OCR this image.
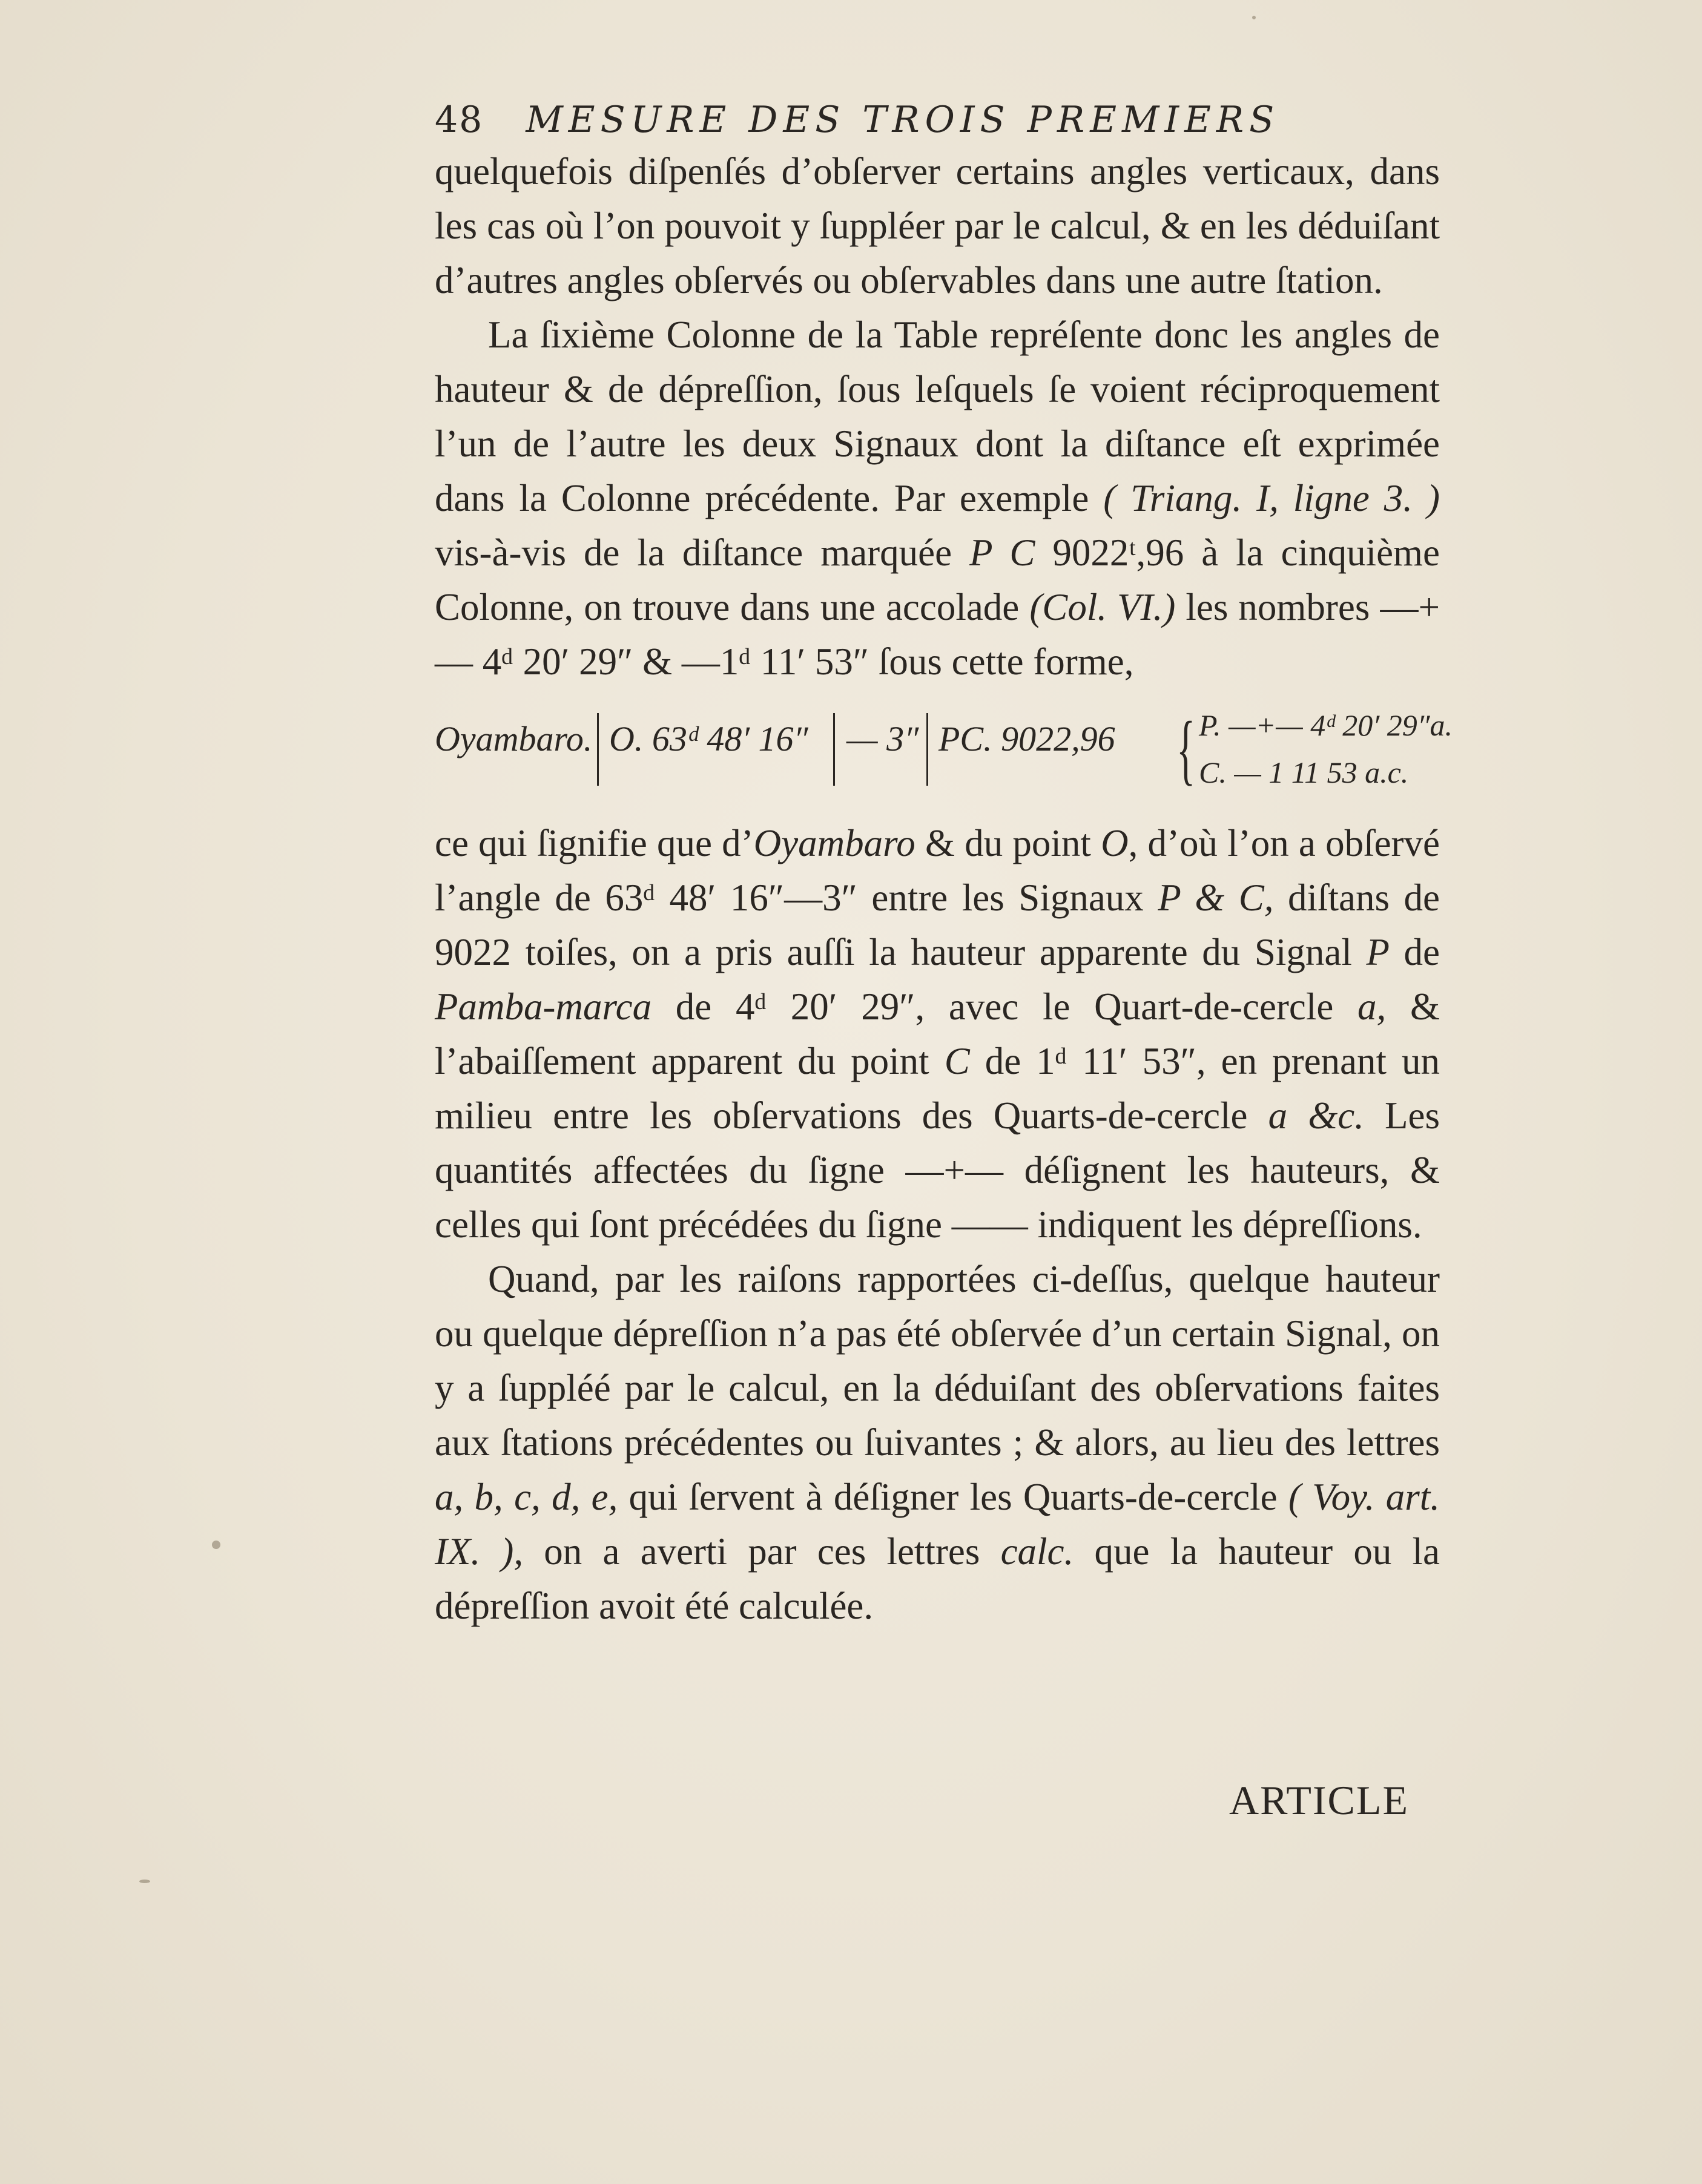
48 MESURE DES TROIS PREMIERS

quelquefois diſpenſés d’obſerver certains angles verticaux, dans les cas où l’on pouvoit y ſuppléer par le calcul, & en les déduiſant d’autres angles obſervés ou obſervables dans une autre ſtation.

La ſixième Colonne de la Table repréſente donc les angles de hauteur & de dépreſſion, ſous leſquels ſe voient réciproquement l’un de l’autre les deux Signaux dont la diſtance eſt exprimée dans la Colonne précédente. Par exemple ( Triang. I, ligne 3. ) vis-à-vis de la diſtance marquée P C 9022ᵗ,96 à la cinquième Colonne, on trouve dans une accolade (Col. VI.) les nombres —+— 4ᵈ 20′ 29″ & —1ᵈ 11′ 53″ ſous cette forme,

Oyambaro. O. 63ᵈ 48′ 16″ — 3″ PC. 9022,96 { P. —+— 4ᵈ 20′ 29″a.
C. — 1 11 53 a.c.

ce qui ſignifie que d’Oyambaro & du point O, d’où l’on a obſervé l’angle de 63ᵈ 48′ 16″—3″ entre les Signaux P & C, diſtans de 9022 toiſes, on a pris auſſi la hauteur apparente du Signal P de Pamba-marca de 4ᵈ 20′ 29″, avec le Quart-de-cercle a, & l’abaiſſement apparent du point C de 1ᵈ 11′ 53″, en prenant un milieu entre les obſervations des Quarts-de-cercle a &c. Les quantités affectées du ſigne —+— déſignent les hauteurs, & celles qui ſont précédées du ſigne —— indiquent les dépreſſions.

Quand, par les raiſons rapportées ci-deſſus, quelque hauteur ou quelque dépreſſion n’a pas été obſervée d’un certain Signal, on y a ſuppléé par le calcul, en la déduiſant des obſervations faites aux ſtations précédentes ou ſuivantes ; & alors, au lieu des lettres a, b, c, d, e, qui ſervent à déſigner les Quarts-de-cercle ( Voy. art. IX. ), on a averti par ces lettres calc. que la hauteur ou la dépreſſion avoit été calculée.

ARTICLE
